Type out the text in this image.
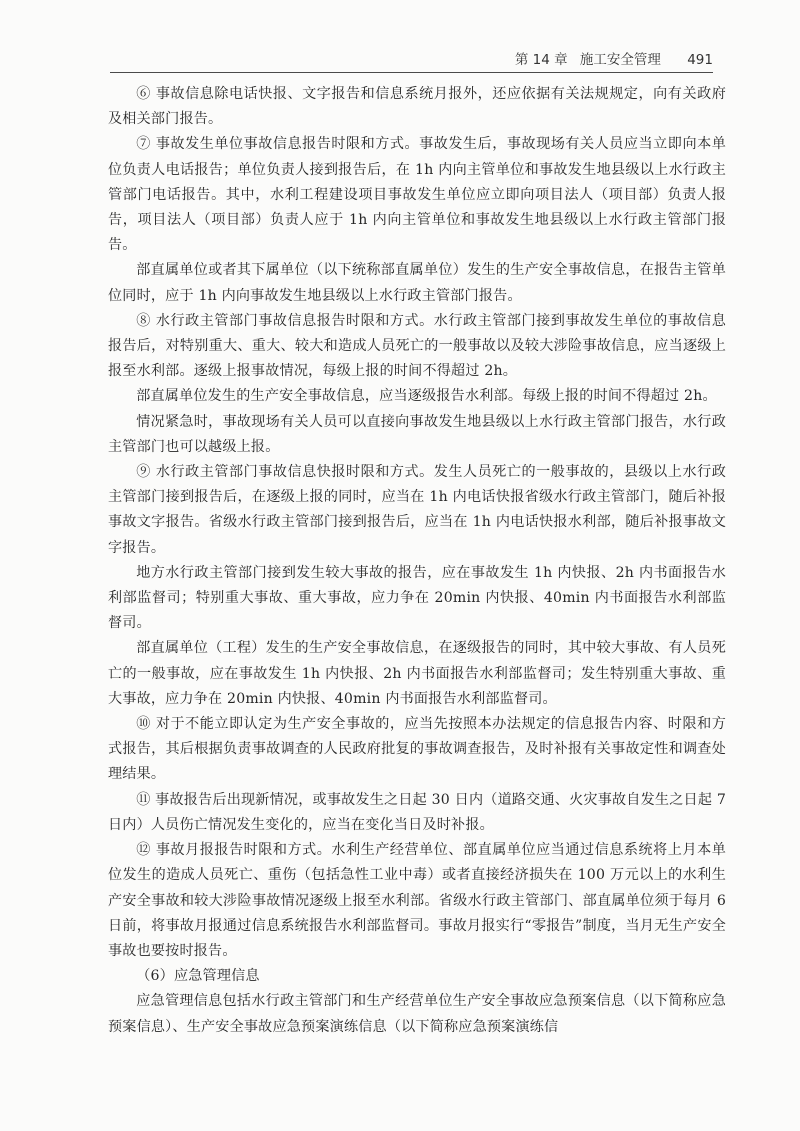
第 14 章 施工安全管理 491

⑥ 事故信息除电话快报、文字报告和信息系统月报外，还应依据有关法规规定，向有关政府及相关部门报告。

⑦ 事故发生单位事故信息报告时限和方式。事故发生后，事故现场有关人员应当立即向本单位负责人电话报告；单位负责人接到报告后，在 1h 内向主管单位和事故发生地县级以上水行政主管部门电话报告。其中，水利工程建设项目事故发生单位应立即向项目法人（项目部）负责人报告，项目法人（项目部）负责人应于 1h 内向主管单位和事故发生地县级以上水行政主管部门报告。

部直属单位或者其下属单位（以下统称部直属单位）发生的生产安全事故信息，在报告主管单位同时，应于 1h 内向事故发生地县级以上水行政主管部门报告。

⑧ 水行政主管部门事故信息报告时限和方式。水行政主管部门接到事故发生单位的事故信息报告后，对特别重大、重大、较大和造成人员死亡的一般事故以及较大涉险事故信息，应当逐级上报至水利部。逐级上报事故情况，每级上报的时间不得超过 2h。

部直属单位发生的生产安全事故信息，应当逐级报告水利部。每级上报的时间不得超过 2h。

情况紧急时，事故现场有关人员可以直接向事故发生地县级以上水行政主管部门报告，水行政主管部门也可以越级上报。

⑨ 水行政主管部门事故信息快报时限和方式。发生人员死亡的一般事故的，县级以上水行政主管部门接到报告后，在逐级上报的同时，应当在 1h 内电话快报省级水行政主管部门，随后补报事故文字报告。省级水行政主管部门接到报告后，应当在 1h 内电话快报水利部，随后补报事故文字报告。

地方水行政主管部门接到发生较大事故的报告，应在事故发生 1h 内快报、2h 内书面报告水利部监督司；特别重大事故、重大事故，应力争在 20min 内快报、40min 内书面报告水利部监督司。

部直属单位（工程）发生的生产安全事故信息，在逐级报告的同时，其中较大事故、有人员死亡的一般事故，应在事故发生 1h 内快报、2h 内书面报告水利部监督司；发生特别重大事故、重大事故，应力争在 20min 内快报、40min 内书面报告水利部监督司。

⑩ 对于不能立即认定为生产安全事故的，应当先按照本办法规定的信息报告内容、时限和方式报告，其后根据负责事故调查的人民政府批复的事故调查报告，及时补报有关事故定性和调查处理结果。

⑪ 事故报告后出现新情况，或事故发生之日起 30 日内（道路交通、火灾事故自发生之日起 7 日内）人员伤亡情况发生变化的，应当在变化当日及时补报。

⑫ 事故月报报告时限和方式。水利生产经营单位、部直属单位应当通过信息系统将上月本单位发生的造成人员死亡、重伤（包括急性工业中毒）或者直接经济损失在 100 万元以上的水利生产安全事故和较大涉险事故情况逐级上报至水利部。省级水行政主管部门、部直属单位须于每月 6 日前，将事故月报通过信息系统报告水利部监督司。事故月报实行“零报告”制度，当月无生产安全事故也要按时报告。

（6）应急管理信息

应急管理信息包括水行政主管部门和生产经营单位生产安全事故应急预案信息（以下简称应急预案信息）、生产安全事故应急预案演练信息（以下简称应急预案演练信
